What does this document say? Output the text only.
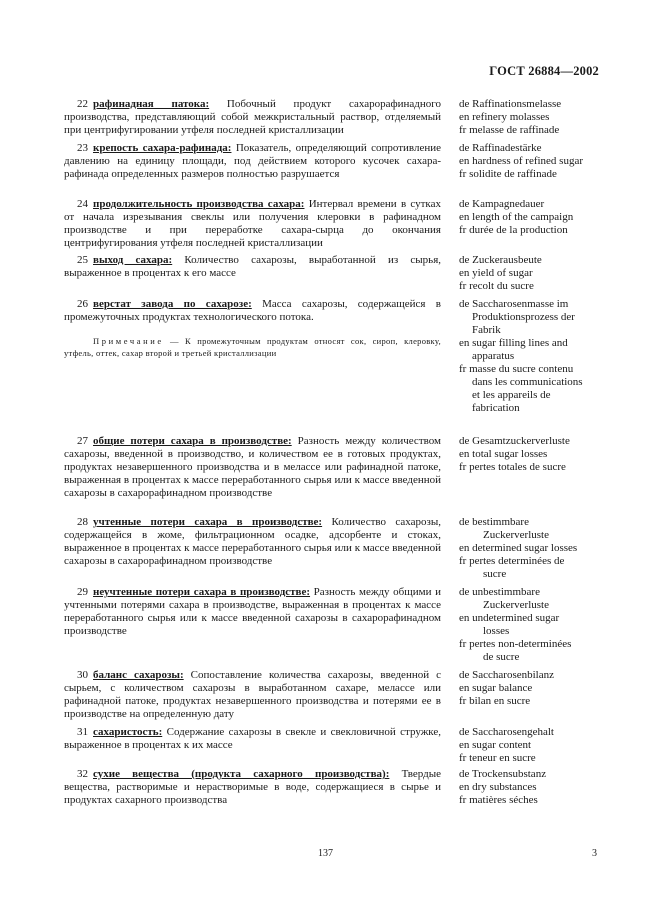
ГОСТ 26884—2002
22 рафинадная патока: Побочный продукт сахарорафинадного производства, представляющий собой межкристальный раствор, отделяемый при центрифугировании утфеля последней кристаллизации
de Raffinationsmelasse
en refinery molasses
fr melasse de raffinade
23 крепость сахара-рафинада: Показатель, определяющий сопротивление давлению на единицу площади, под действием которого кусочек сахара-рафинада определенных размеров полностью разрушается
de Raffinadestärke
en hardness of refined sugar
fr solidite de raffinade
24 продолжительность производства сахара: Интервал времени в сутках от начала изрезывания свеклы или получения клеровки в рафинадном производстве и при переработке сахара-сырца до окончания центрифугирования утфеля последней кристаллизации
de Kampagnedauer
en length of the campaign
fr durée de la production
25 выход сахара: Количество сахарозы, выработанной из сырья, выраженное в процентах к его массе
de Zuckerausbeute
en yield of sugar
fr recolt du sucre
26 верстат завода по сахарозе: Масса сахарозы, содержащейся в промежуточных продуктах технологического потока.
Примечание — К промежуточным продуктам относят сок, сироп, клеровку, утфель, оттек, сахар второй и третьей кристаллизации
de Saccharosenmasse im
Produktionsprozess der
Fabrik
en sugar filling lines and
apparatus
fr masse du sucre contenu
dans les communications
et les appareils de
fabrication
27 общие потери сахара в производстве: Разность между количеством сахарозы, введенной в производство, и количеством ее в готовых продуктах, продуктах незавершенного производства и в мелассе или рафинадной патоке, выраженная в процентах к массе переработанного сырья или к массе введенной сахарозы в сахарорафинадном производстве
de Gesamtzuckerverluste
en total sugar losses
fr pertes totales de sucre
28 учтенные потери сахара в производстве: Количество сахарозы, содержащейся в жоме, фильтрационном осадке, адсорбенте и стоках, выраженное в процентах к массе переработанного сырья или к массе введенной сахарозы в сахарорафинадном производстве
de bestimmbare
Zuckerverluste
en determined sugar losses
fr pertes determinées de
sucre
29 неучтенные потери сахара в производстве: Разность между общими и учтенными потерями сахара в производстве, выраженная в процентах к массе переработанного сырья или к массе введенной сахарозы в сахарорафинадном производстве
de unbestimmbare
Zuckerverluste
en undetermined sugar
losses
fr pertes non-determinées
de sucre
30 баланс сахарозы: Сопоставление количества сахарозы, введенной с сырьем, с количеством сахарозы в выработанном сахаре, мелассе или рафинадной патоке, продуктах незавершенного производства и потерями ее в производстве на определенную дату
de Saccharosenbilanz
en sugar balance
fr bilan en sucre
31 сахаристость: Содержание сахарозы в свекле и свекловичной стружке, выраженное в процентах к их массе
de Saccharosengehalt
en sugar content
fr teneur en sucre
32 сухие вещества (продукта сахарного производства): Твердые вещества, растворимые и нерастворимые в воде, содержащиеся в сырье и продуктах сахарного производства
de Trockensubstanz
en dry substances
fr matières séches
137	3
